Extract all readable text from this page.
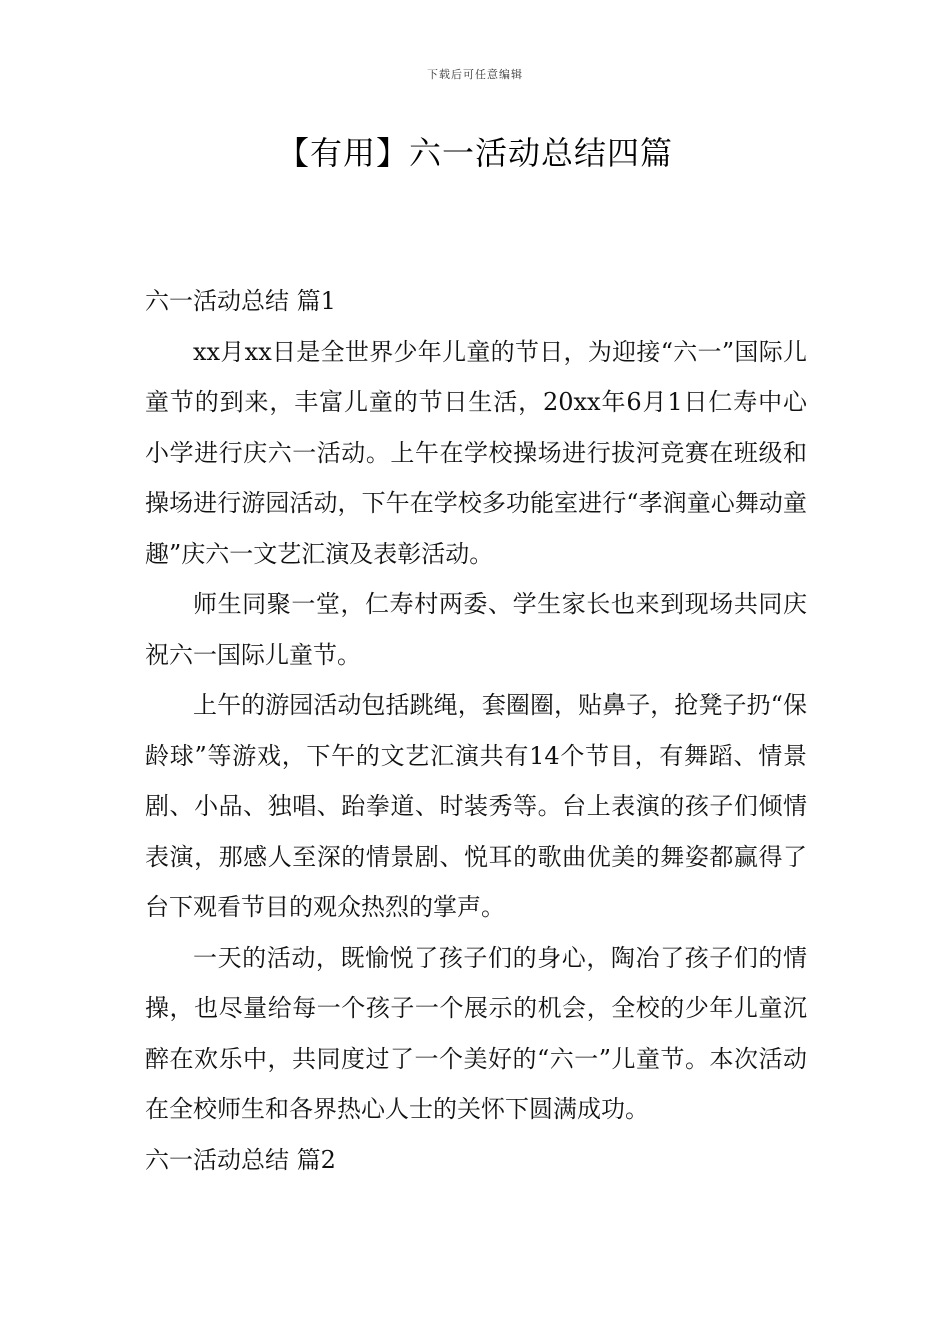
下载后可任意编辑
【有用】六一活动总结四篇
六一活动总结 篇1

xx月xx日是全世界少年儿童的节日，为迎接“六一”国际儿童节的到来，丰富儿童的节日生活，20xx年6月1日仁寿中心小学进行庆六一活动。上午在学校操场进行拔河竞赛在班级和操场进行游园活动，下午在学校多功能室进行“孝润童心舞动童趣”庆六一文艺汇演及表彰活动。

师生同聚一堂，仁寿村两委、学生家长也来到现场共同庆祝六一国际儿童节。

上午的游园活动包括跳绳，套圈圈，贴鼻子，抢凳子扔“保龄球”等游戏，下午的文艺汇演共有14个节目，有舞蹈、情景剧、小品、独唱、跆拳道、时装秀等。台上表演的孩子们倾情表演，那感人至深的情景剧、悦耳的歌曲优美的舞姿都赢得了台下观看节目的观众热烈的掌声。

一天的活动，既愉悦了孩子们的身心，陶冶了孩子们的情操，也尽量给每一个孩子一个展示的机会，全校的少年儿童沉醉在欢乐中，共同度过了一个美好的“六一”儿童节。本次活动在全校师生和各界热心人士的关怀下圆满成功。

六一活动总结 篇2
